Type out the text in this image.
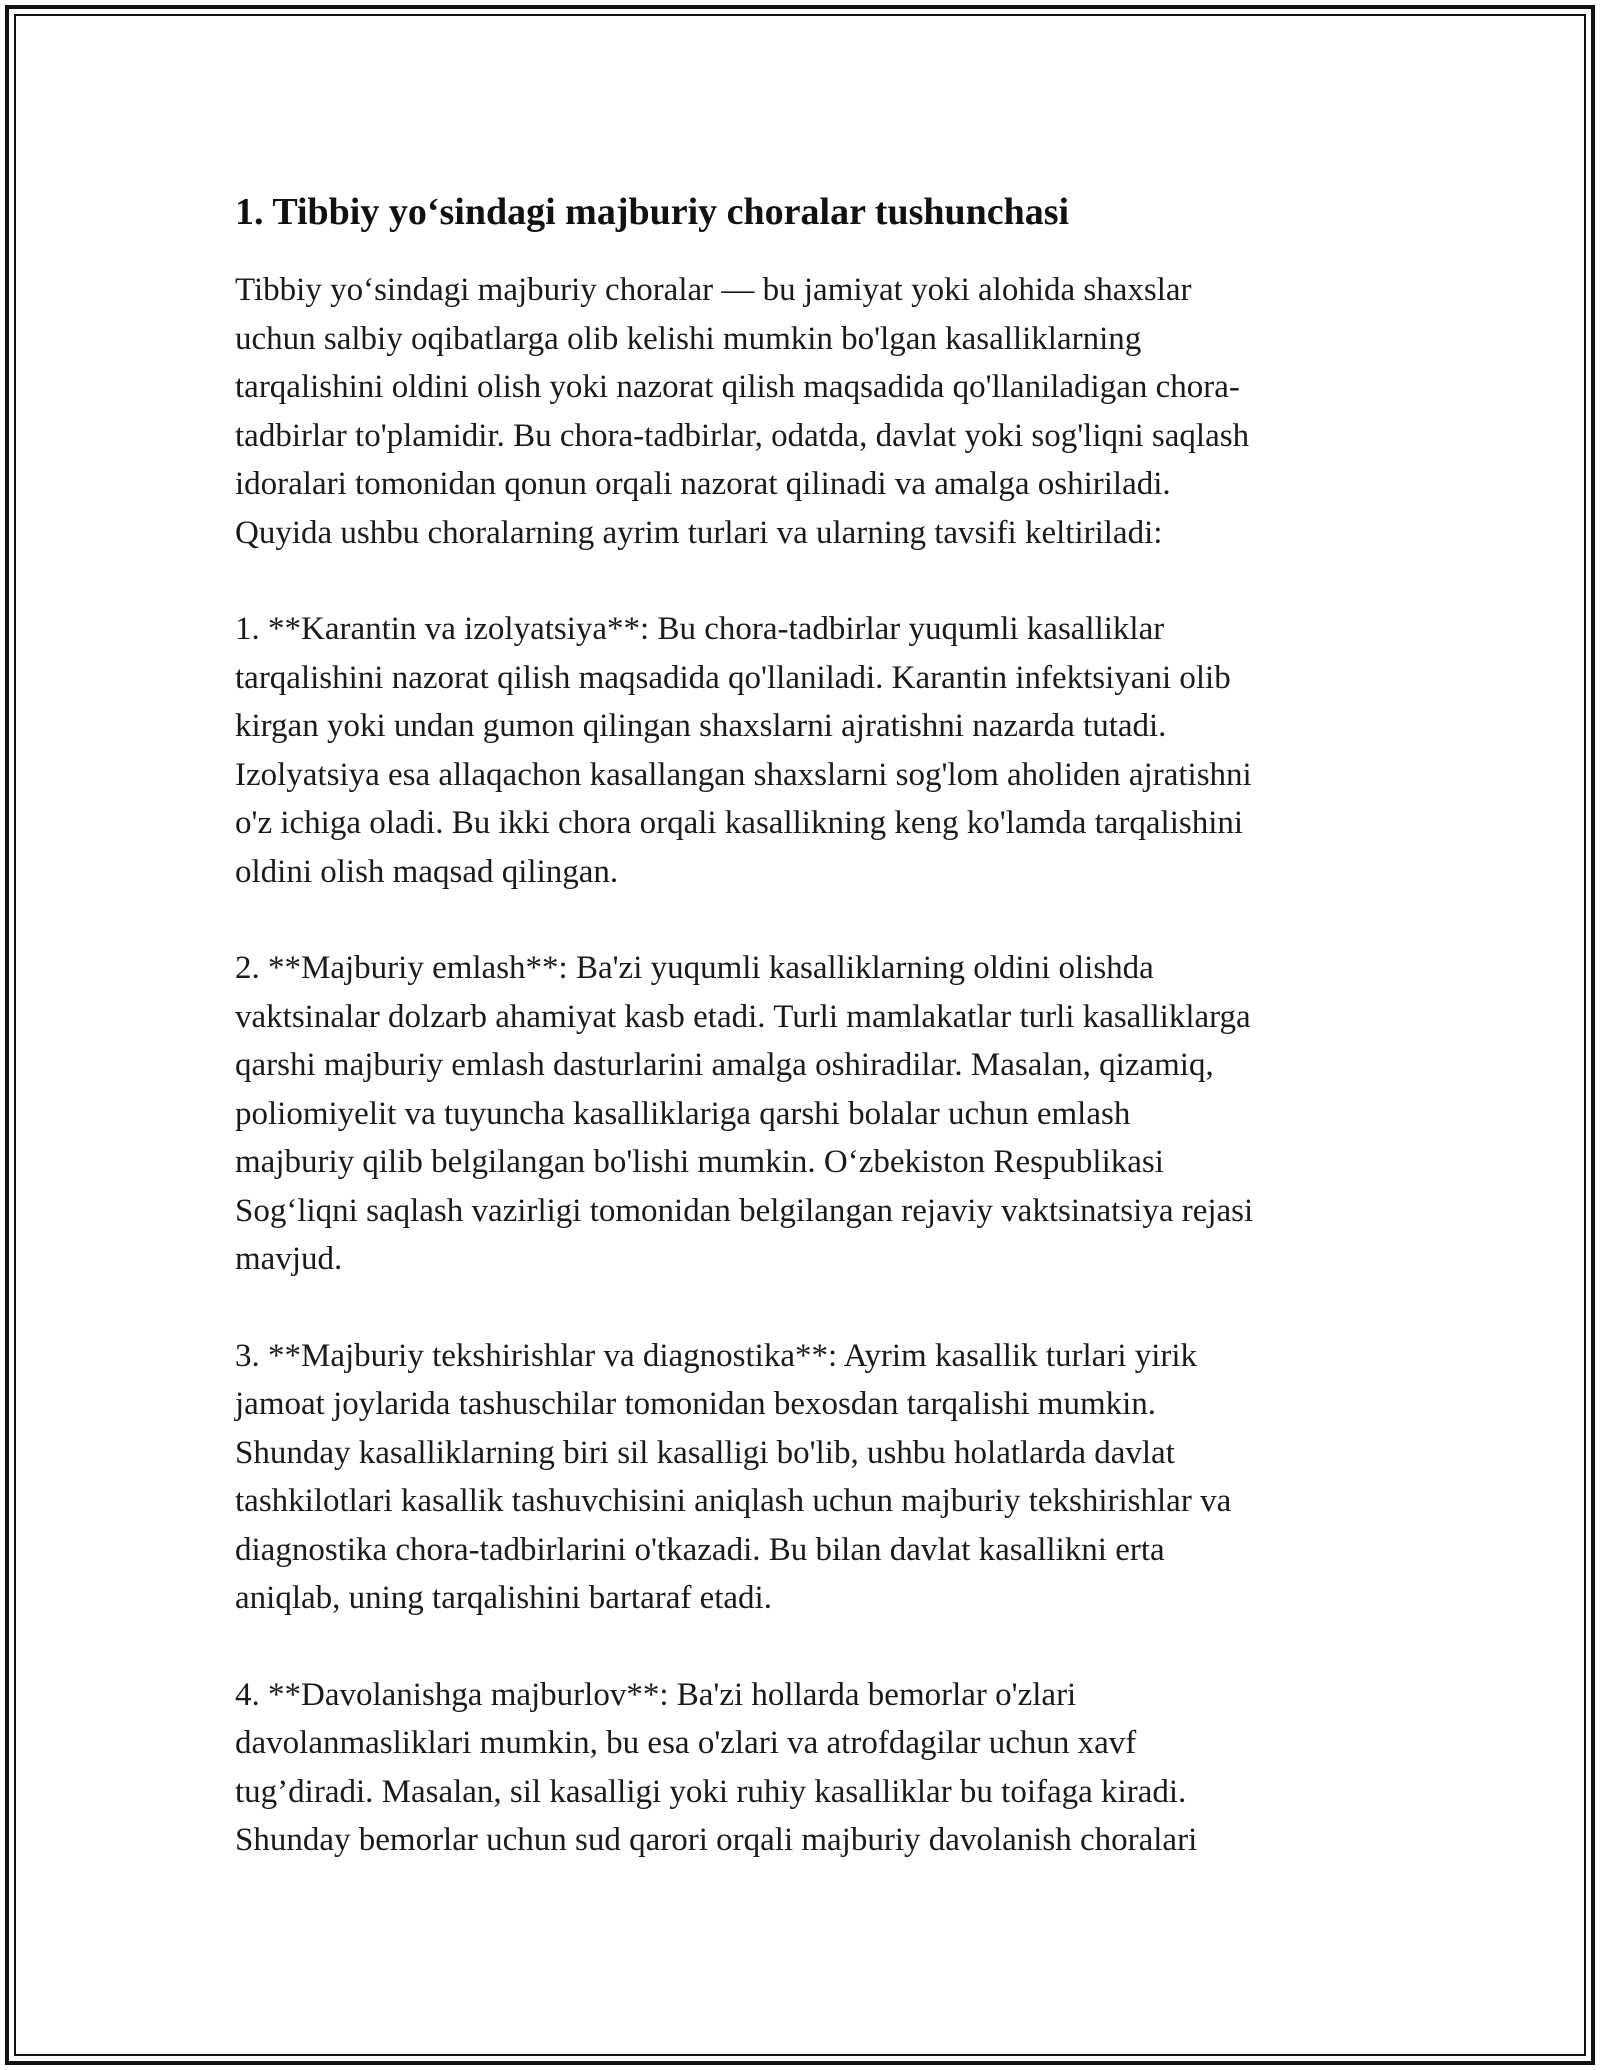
1. Tibbiy yo‘sindagi majburiy choralar tushunchasi

Tibbiy yo‘sindagi majburiy choralar — bu jamiyat yoki alohida shaxslar
uchun salbiy oqibatlarga olib kelishi mumkin bo'lgan kasalliklarning
tarqalishini oldini olish yoki nazorat qilish maqsadida qo'llaniladigan chora-
tadbirlar to'plamidir. Bu chora-tadbirlar, odatda, davlat yoki sog'liqni saqlash
idoralari tomonidan qonun orqali nazorat qilinadi va amalga oshiriladi.
Quyida ushbu choralarning ayrim turlari va ularning tavsifi keltiriladi:

1. **Karantin va izolyatsiya**: Bu chora-tadbirlar yuqumli kasalliklar
tarqalishini nazorat qilish maqsadida qo'llaniladi. Karantin infektsiyani olib
kirgan yoki undan gumon qilingan shaxslarni ajratishni nazarda tutadi.
Izolyatsiya esa allaqachon kasallangan shaxslarni sog'lom aholiden ajratishni
o'z ichiga oladi. Bu ikki chora orqali kasallikning keng ko'lamda tarqalishini
oldini olish maqsad qilingan.

2. **Majburiy emlash**: Ba'zi yuqumli kasalliklarning oldini olishda
vaktsinalar dolzarb ahamiyat kasb etadi. Turli mamlakatlar turli kasalliklarga
qarshi majburiy emlash dasturlarini amalga oshiradilar. Masalan, qizamiq,
poliomiyelit va tuyuncha kasalliklariga qarshi bolalar uchun emlash
majburiy qilib belgilangan bo'lishi mumkin. O‘zbekiston Respublikasi
Sog‘liqni saqlash vazirligi tomonidan belgilangan rejaviy vaktsinatsiya rejasi
mavjud.

3. **Majburiy tekshirishlar va diagnostika**: Ayrim kasallik turlari yirik
jamoat joylarida tashuschilar tomonidan bexosdan tarqalishi mumkin.
Shunday kasalliklarning biri sil kasalligi bo'lib, ushbu holatlarda davlat
tashkilotlari kasallik tashuvchisini aniqlash uchun majburiy tekshirishlar va
diagnostika chora-tadbirlarini o'tkazadi. Bu bilan davlat kasallikni erta
aniqlab, uning tarqalishini bartaraf etadi.

4. **Davolanishga majburlov**: Ba'zi hollarda bemorlar o'zlari
davolanmasliklari mumkin, bu esa o'zlari va atrofdagilar uchun xavf
tug’diradi. Masalan, sil kasalligi yoki ruhiy kasalliklar bu toifaga kiradi.
Shunday bemorlar uchun sud qarori orqali majburiy davolanish choralari
